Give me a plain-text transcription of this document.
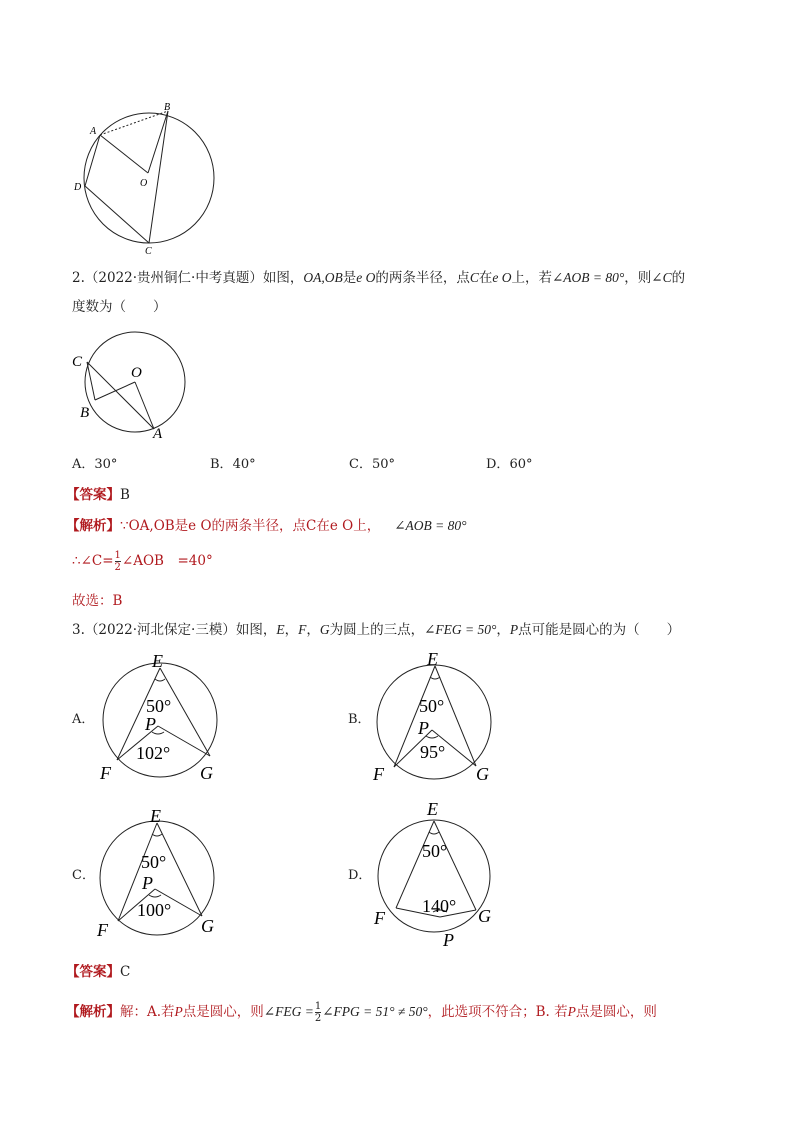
A
B
O
D
C
2.（2022·贵州铜仁·中考真题）如图，OA,OB是e O的两条半径，点C在e O上，若∠AOB = 80°，则∠C的
度数为（　　）
C
O
B
A
A．30°	B．40°	C．50°	D．60°
【答案】B
【解析】∵OA,OB是e O的两条半径，点C在e O上， ∠AOB = 80°
∴∠C= $\frac{1}{2}$ ∠AOB　=40°
故选：B
3.（2022·河北保定·三模）如图，E，F，G为圆上的三点，∠FEG = 50°，P点可能是圆心的为（　　）
A．
E
50°
P
102°
F	G
B．
E
50°
P
95°
F	G
C．
E
50°
P
100°
F	G
D．
E
50°
140°
F	G
P
【答案】C
【解析】解：A.若P点是圆心，则∠FEG = $\frac{1}{2}$ ∠FPG = 51° ≠ 50°，此选项不符合；B. 若P点是圆心，则
